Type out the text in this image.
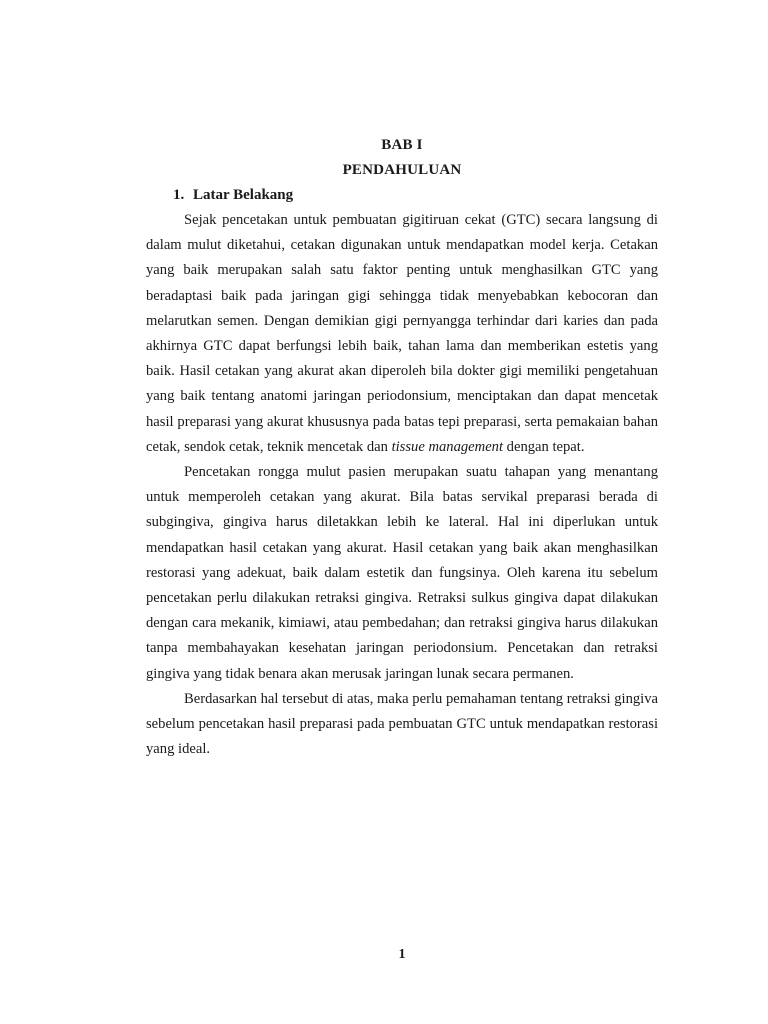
BAB I
PENDAHULUAN
1. Latar Belakang

Sejak pencetakan untuk pembuatan gigitiruan cekat (GTC) secara langsung di dalam mulut diketahui, cetakan digunakan untuk mendapatkan model kerja. Cetakan yang baik merupakan salah satu faktor penting untuk menghasilkan GTC yang beradaptasi baik pada jaringan gigi sehingga tidak menyebabkan kebocoran dan melarutkan semen. Dengan demikian gigi pernyangga terhindar dari karies dan pada akhirnya GTC dapat berfungsi lebih baik, tahan lama dan memberikan estetis yang baik. Hasil cetakan yang akurat akan diperoleh bila dokter gigi memiliki pengetahuan yang baik tentang anatomi jaringan periodonsium, menciptakan dan dapat mencetak hasil preparasi yang akurat khususnya pada batas tepi preparasi, serta pemakaian bahan cetak, sendok cetak, teknik mencetak dan tissue management dengan tepat.

Pencetakan rongga mulut pasien merupakan suatu tahapan yang menantang untuk memperoleh cetakan yang akurat. Bila batas servikal preparasi berada di subgingiva, gingiva harus diletakkan lebih ke lateral. Hal ini diperlukan untuk mendapatkan hasil cetakan yang akurat. Hasil cetakan yang baik akan menghasilkan restorasi yang adekuat, baik dalam estetik dan fungsinya. Oleh karena itu sebelum pencetakan perlu dilakukan retraksi gingiva. Retraksi sulkus gingiva dapat dilakukan dengan cara mekanik, kimiawi, atau pembedahan; dan retraksi gingiva harus dilakukan tanpa membahayakan kesehatan jaringan periodonsium. Pencetakan dan retraksi gingiva yang tidak benara akan merusak jaringan lunak secara permanen.

Berdasarkan hal tersebut di atas, maka perlu pemahaman tentang retraksi gingiva sebelum pencetakan hasil preparasi pada pembuatan GTC untuk mendapatkan restorasi yang ideal.

1
